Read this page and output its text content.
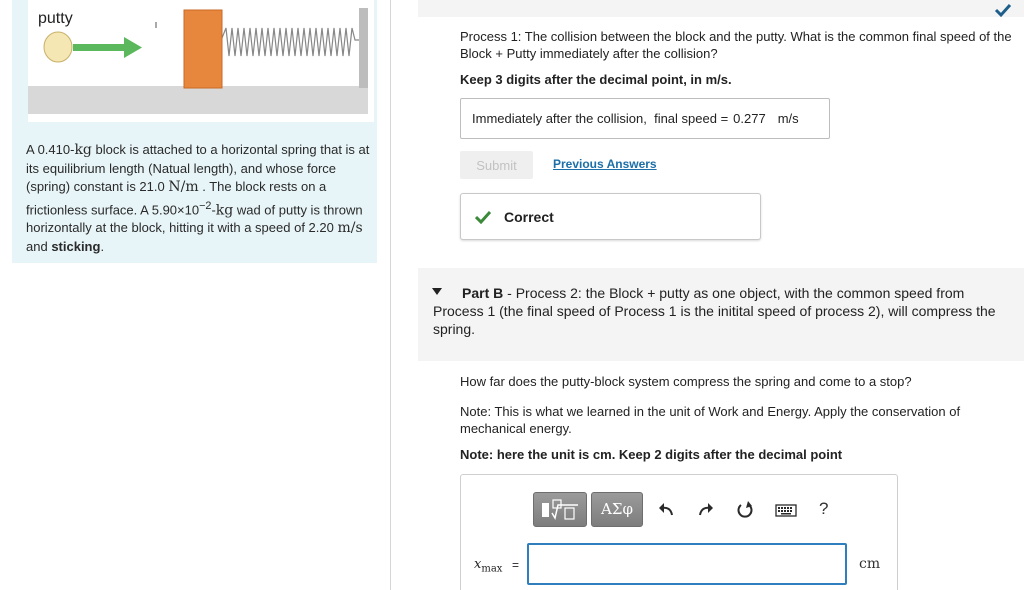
putty
A 0.410-kg block is attached to a horizontal spring that is at its equilibrium length (Natual length), and whose force (spring) constant is 21.0 N/m . The block rests on a frictionless surface. A $5.90\times 10^{-2}-kg$ wad of putty is thrown horizontally at the block, hitting it with a speed of 2.20 m/s and sticking.
Process 1: The collision between the block and the putty. What is the common final speed of the Block + Putty immediately after the collision?
Keep 3 digits after the decimal point, in m/s.
Immediately after the collision,  final speed = 0.277 m/s
Submit	Previous Answers
Correct
Part B - Process 2: the Block + putty as one object, with the common speed from Process 1 (the final speed of Process 1 is the initital speed of process 2), will compress the spring.
How far does the putty-block system compress the spring and come to a stop?
Note: This is what we learned in the unit of Work and Energy. Apply the conservation of mechanical energy.
Note: here the unit is cm. Keep 2 digits after the decimal point
ΑΣφ	?
$x_{max}$ =	cm
